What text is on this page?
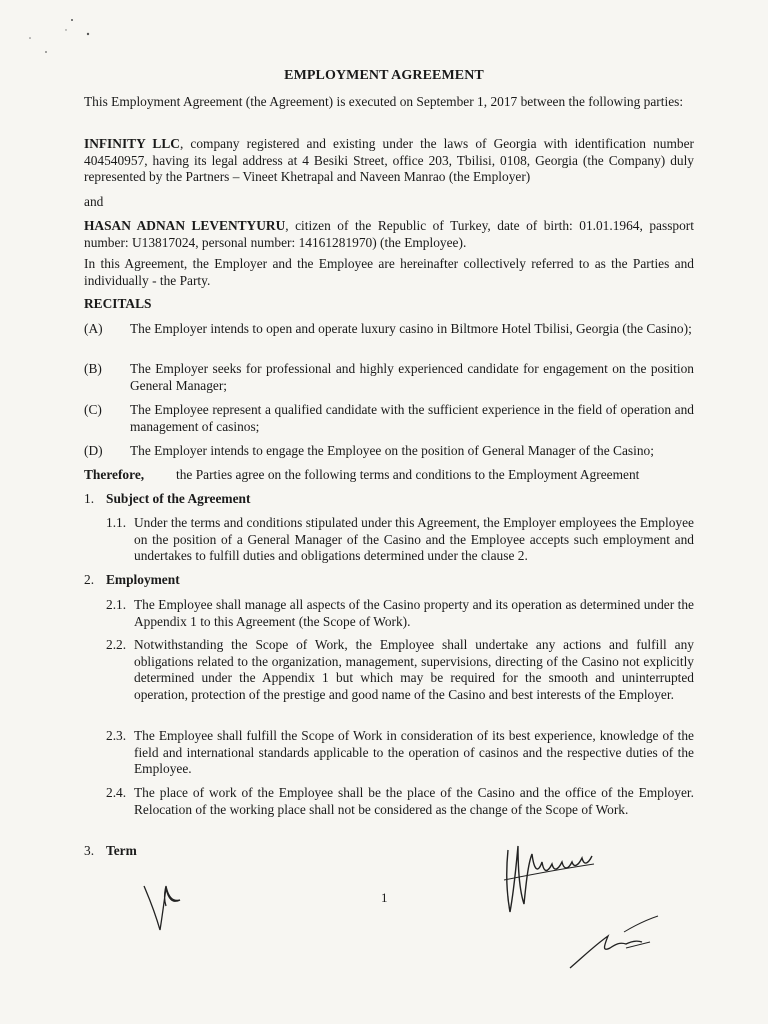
EMPLOYMENT AGREEMENT
This Employment Agreement (the Agreement) is executed on September 1, 2017 between the following parties:
INFINITY LLC, company registered and existing under the laws of Georgia with identification number 404540957, having its legal address at 4 Besiki Street, office 203, Tbilisi, 0108, Georgia (the Company) duly represented by the Partners – Vineet Khetrapal and Naveen Manrao (the Employer)
and
HASAN ADNAN LEVENTYURU, citizen of the Republic of Turkey, date of birth: 01.01.1964, passport number: U13817024, personal number: 14161281970) (the Employee).
In this Agreement, the Employer and the Employee are hereinafter collectively referred to as the Parties and individually - the Party.
RECITALS
(A) The Employer intends to open and operate luxury casino in Biltmore Hotel Tbilisi, Georgia (the Casino);
(B) The Employer seeks for professional and highly experienced candidate for engagement on the position General Manager;
(C) The Employee represent a qualified candidate with the sufficient experience in the field of operation and management of casinos;
(D) The Employer intends to engage the Employee on the position of General Manager of the Casino;
Therefore, the Parties agree on the following terms and conditions to the Employment Agreement
1. Subject of the Agreement
1.1. Under the terms and conditions stipulated under this Agreement, the Employer employees the Employee on the position of a General Manager of the Casino and the Employee accepts such employment and undertakes to fulfill duties and obligations determined under the clause 2.
2. Employment
2.1. The Employee shall manage all aspects of the Casino property and its operation as determined under the Appendix 1 to this Agreement (the Scope of Work).
2.2. Notwithstanding the Scope of Work, the Employee shall undertake any actions and fulfill any obligations related to the organization, management, supervisions, directing of the Casino not explicitly determined under the Appendix 1 but which may be required for the smooth and uninterrupted operation, protection of the prestige and good name of the Casino and best interests of the Employer.
2.3. The Employee shall fulfill the Scope of Work in consideration of its best experience, knowledge of the field and international standards applicable to the operation of casinos and the respective duties of the Employee.
2.4. The place of work of the Employee shall be the place of the Casino and the office of the Employer. Relocation of the working place shall not be considered as the change of the Scope of Work.
3. Term
1
